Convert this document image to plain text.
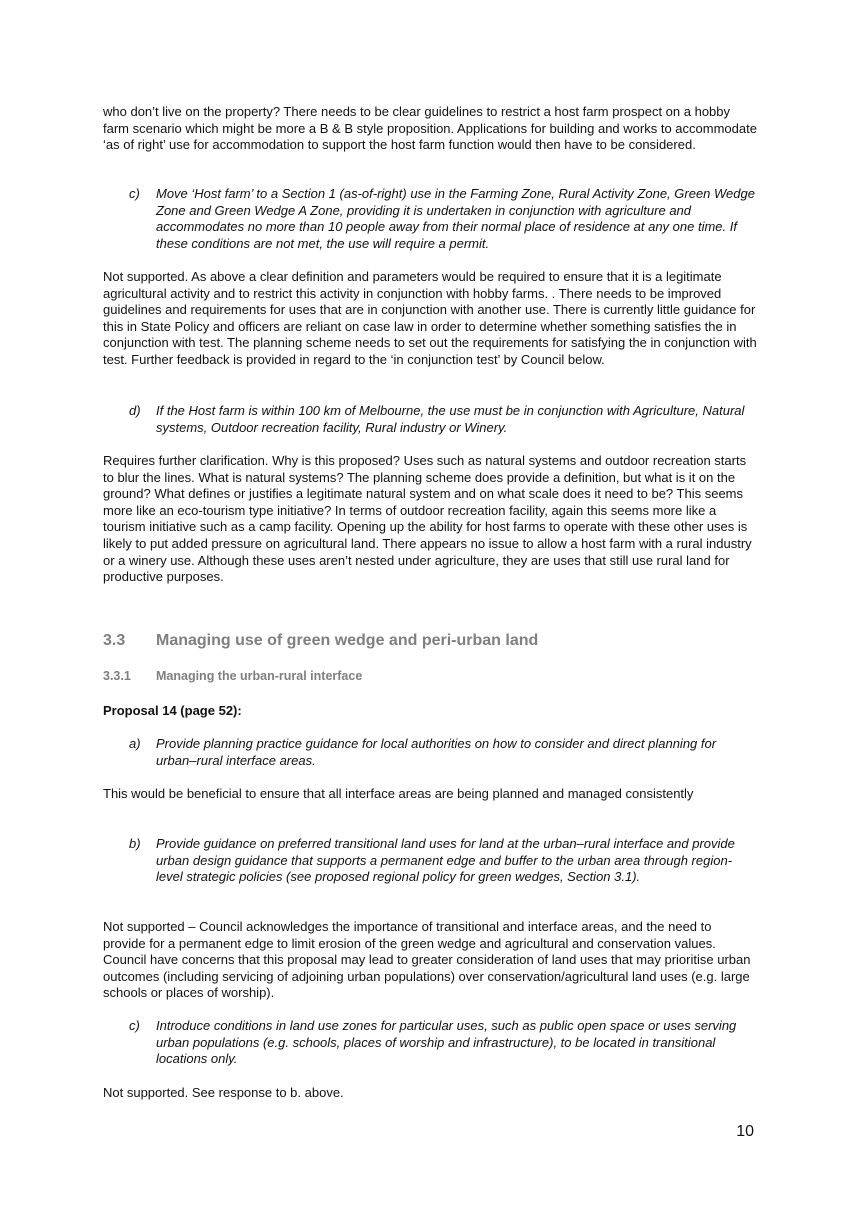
who don’t live on the property? There needs to be clear guidelines to restrict a host farm prospect on a hobby farm scenario which might be more a B & B style proposition. Applications for building and works to accommodate ‘as of right’ use for accommodation to support the host farm function would then have to be considered.

c) Move ‘Host farm’ to a Section 1 (as-of-right) use in the Farming Zone, Rural Activity Zone, Green Wedge Zone and Green Wedge A Zone, providing it is undertaken in conjunction with agriculture and accommodates no more than 10 people away from their normal place of residence at any one time. If these conditions are not met, the use will require a permit.

Not supported. As above a clear definition and parameters would be required to ensure that it is a legitimate agricultural activity and to restrict this activity in conjunction with hobby farms. . There needs to be improved guidelines and requirements for uses that are in conjunction with another use. There is currently little guidance for this in State Policy and officers are reliant on case law in order to determine whether something satisfies the in conjunction with test. The planning scheme needs to set out the requirements for satisfying the in conjunction with test. Further feedback is provided in regard to the ‘in conjunction test’ by Council below.

d) If the Host farm is within 100 km of Melbourne, the use must be in conjunction with Agriculture, Natural systems, Outdoor recreation facility, Rural industry or Winery.

Requires further clarification. Why is this proposed? Uses such as natural systems and outdoor recreation starts to blur the lines. What is natural systems? The planning scheme does provide a definition, but what is it on the ground? What defines or justifies a legitimate natural system and on what scale does it need to be? This seems more like an eco-tourism type initiative? In terms of outdoor recreation facility, again this seems more like a tourism initiative such as a camp facility. Opening up the ability for host farms to operate with these other uses is likely to put added pressure on agricultural land. There appears no issue to allow a host farm with a rural industry or a winery use. Although these uses aren’t nested under agriculture, they are uses that still use rural land for productive purposes.

3.3 Managing use of green wedge and peri-urban land
3.3.1 Managing the urban-rural interface

Proposal 14 (page 52):

a) Provide planning practice guidance for local authorities on how to consider and direct planning for urban–rural interface areas.

This would be beneficial to ensure that all interface areas are being planned and managed consistently

b) Provide guidance on preferred transitional land uses for land at the urban–rural interface and provide urban design guidance that supports a permanent edge and buffer to the urban area through region-level strategic policies (see proposed regional policy for green wedges, Section 3.1).

Not supported – Council acknowledges the importance of transitional and interface areas, and the need to provide for a permanent edge to limit erosion of the green wedge and agricultural and conservation values. Council have concerns that this proposal may lead to greater consideration of land uses that may prioritise urban outcomes (including servicing of adjoining urban populations) over conservation/agricultural land uses (e.g. large schools or places of worship).

c) Introduce conditions in land use zones for particular uses, such as public open space or uses serving urban populations (e.g. schools, places of worship and infrastructure), to be located in transitional locations only.

Not supported. See response to b. above.

10
